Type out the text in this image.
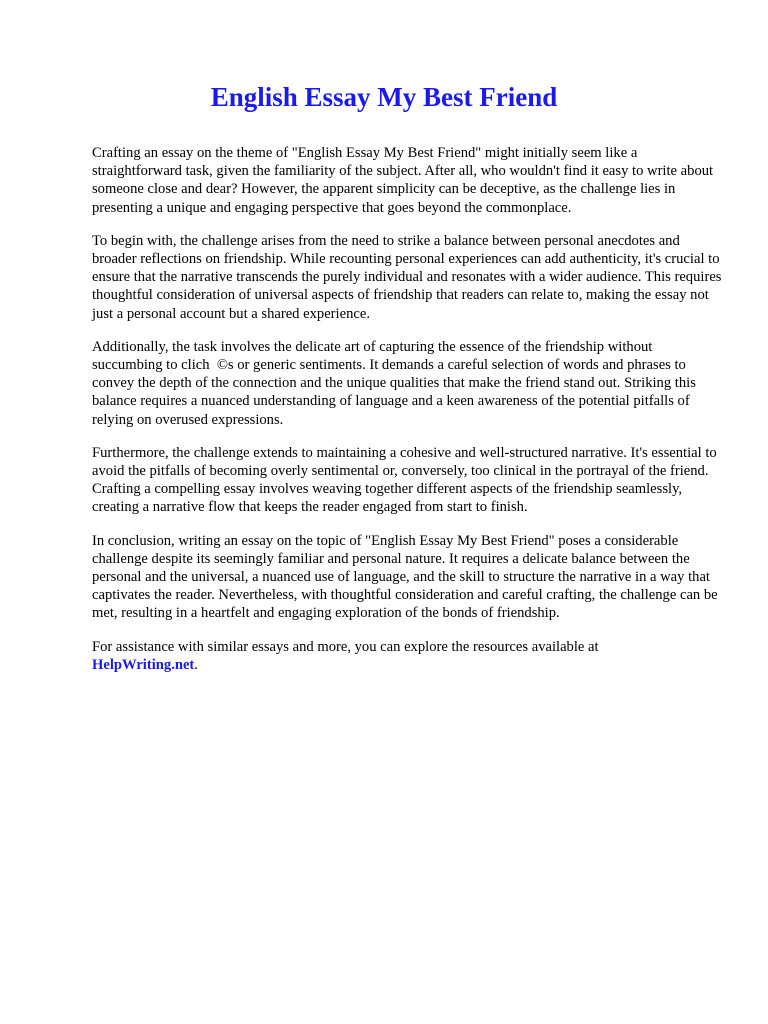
English Essay My Best Friend

Crafting an essay on the theme of "English Essay My Best Friend" might initially seem like a straightforward task, given the familiarity of the subject. After all, who wouldn't find it easy to write about someone close and dear? However, the apparent simplicity can be deceptive, as the challenge lies in presenting a unique and engaging perspective that goes beyond the commonplace.

To begin with, the challenge arises from the need to strike a balance between personal anecdotes and broader reflections on friendship. While recounting personal experiences can add authenticity, it's crucial to ensure that the narrative transcends the purely individual and resonates with a wider audience. This requires thoughtful consideration of universal aspects of friendship that readers can relate to, making the essay not just a personal account but a shared experience.

Additionally, the task involves the delicate art of capturing the essence of the friendship without succumbing to clich  ©s or generic sentiments. It demands a careful selection of words and phrases to convey the depth of the connection and the unique qualities that make the friend stand out. Striking this balance requires a nuanced understanding of language and a keen awareness of the potential pitfalls of relying on overused expressions.

Furthermore, the challenge extends to maintaining a cohesive and well-structured narrative. It's essential to avoid the pitfalls of becoming overly sentimental or, conversely, too clinical in the portrayal of the friend. Crafting a compelling essay involves weaving together different aspects of the friendship seamlessly, creating a narrative flow that keeps the reader engaged from start to finish.

In conclusion, writing an essay on the topic of "English Essay My Best Friend" poses a considerable challenge despite its seemingly familiar and personal nature. It requires a delicate balance between the personal and the universal, a nuanced use of language, and the skill to structure the narrative in a way that captivates the reader. Nevertheless, with thoughtful consideration and careful crafting, the challenge can be met, resulting in a heartfelt and engaging exploration of the bonds of friendship.

For assistance with similar essays and more, you can explore the resources available at
HelpWriting.net.
